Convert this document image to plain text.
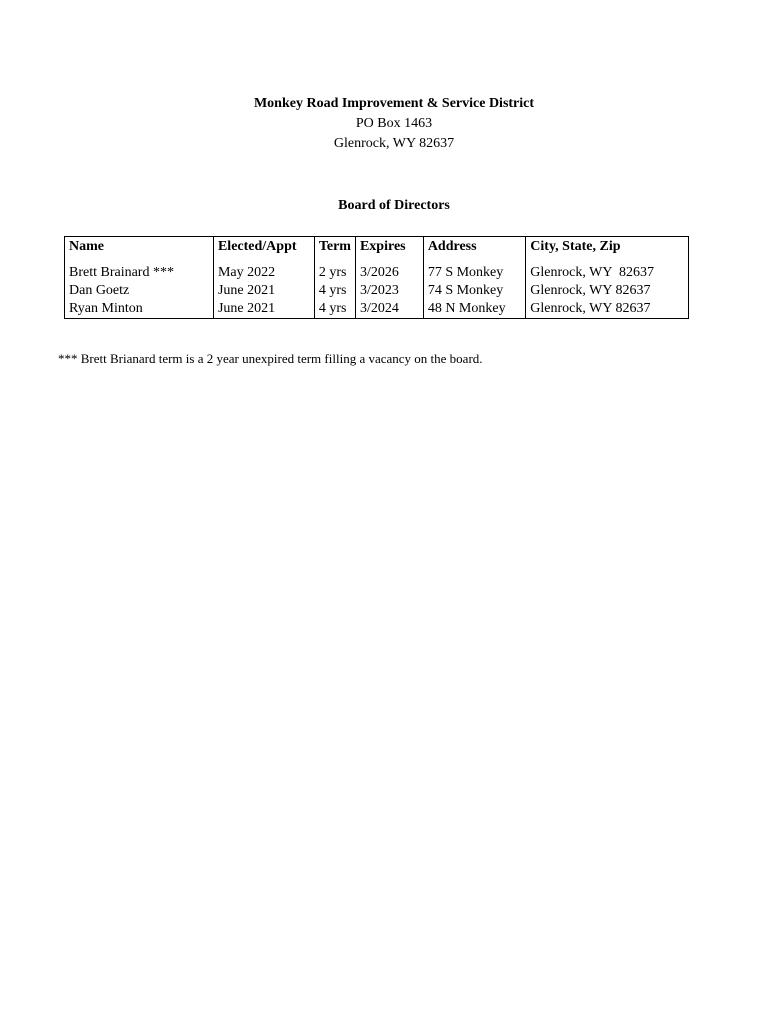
Monkey Road Improvement & Service District
PO Box 1463
Glenrock, WY 82637
Board of Directors
Name	Elected/Appt	Term	Expires	Address	City, State, Zip
Brett Brainard ***	May 2022	2 yrs	3/2026	77 S Monkey	Glenrock, WY  82637
Dan Goetz	June 2021	4 yrs	3/2023	74 S Monkey	Glenrock, WY 82637
Ryan Minton	June 2021	4 yrs	3/2024	48 N Monkey	Glenrock, WY 82637
*** Brett Brianard term is a 2 year unexpired term filling a vacancy on the board.
